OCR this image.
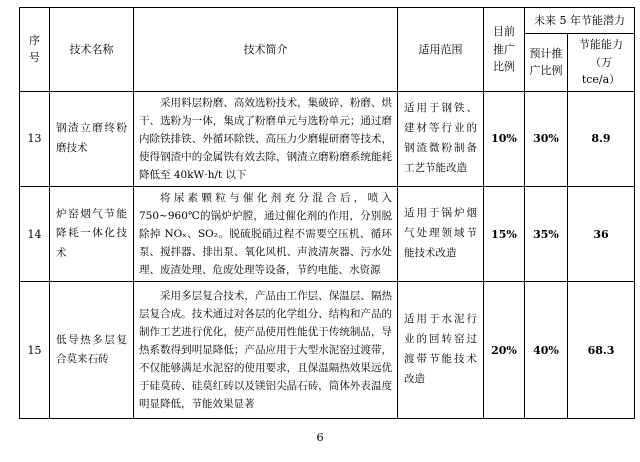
序号	技术名称	技术简介	适用范围	目前推广比例	未来 5 年节能潜力	
					预计推广比例	节能能力（万 tce/a）
13	钢渣立磨终粉磨技术	采用料层粉磨、高效选粉技术，集破碎、粉磨、烘干、选粉为一体，集成了粉磨单元与选粉单元；通过磨内除铁排铁、外循环除铁、高压力少磨辊研磨等技术，使得钢渣中的金属铁有效去除，钢渣立磨粉磨系统能耗降低至 40kW·h/t 以下	适用于钢铁、建材等行业的钢渣微粉制备工艺节能改造	10%	30%	8.9
14	炉窑烟气节能降耗一体化技术	将尿素颗粒与催化剂充分混合后，喷入 750~960℃的锅炉炉膛，通过催化剂的作用，分别脱除掉 NOₓ、SO₂。脱硫脱硝过程不需要空压机、循环泵、搅拌器、排出泵、氧化风机、声波清灰器、污水处理、废渣处理、危废处理等设备，节约电能、水资源	适用于锅炉烟气处理领域节能技术改造	15%	35%	36
15	低导热多层复合莫来石砖	采用多层复合技术，产品由工作层、保温层、隔热层复合成。技术通过对各层的化学组分、结构和产品的制作工艺进行优化，使产品使用性能优于传统制品，导热系数得到明显降低；产品应用于大型水泥窑过渡带，不仅能够满足水泥窑的使用要求，且保温隔热效果远优于硅莫砖、硅莫红砖以及镁铝尖晶石砖，筒体外表温度明显降低，节能效果显著	适用于水泥行业的回转窑过渡带节能技术改造	20%	40%	68.3
6
